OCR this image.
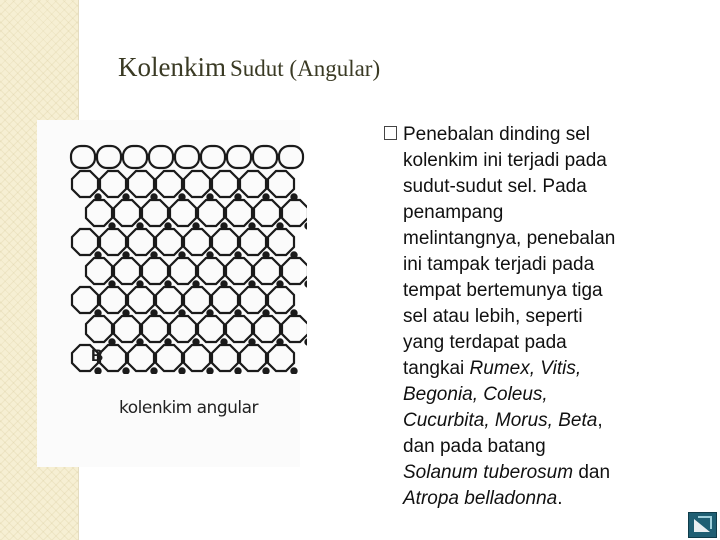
Kolenkim Sudut (Angular)
B
kolenkim angular
Penebalan dinding sel
kolenkim ini terjadi pada
sudut-sudut sel. Pada
penampang
melintangnya, penebalan
ini tampak terjadi pada
tempat bertemunya tiga
sel atau lebih, seperti
yang terdapat pada
tangkai Rumex, Vitis,
Begonia, Coleus,
Cucurbita, Morus, Beta,
dan pada batang
Solanum tuberosum dan
Atropa belladonna.
